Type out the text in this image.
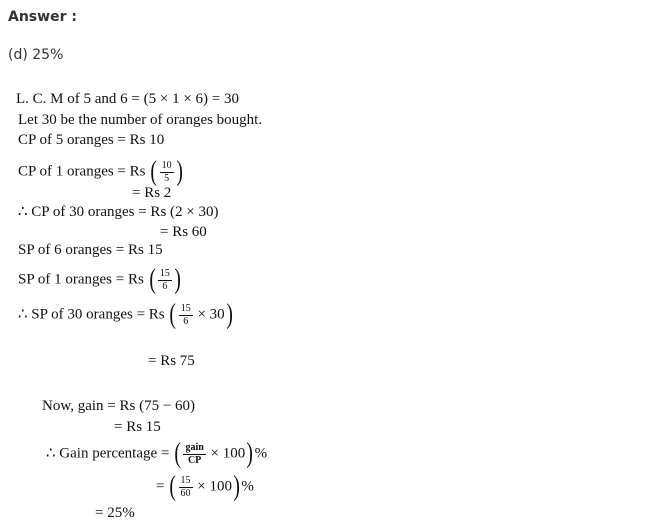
Answer :
(d) 25%
L. C. M of 5 and 6 = (5 × 1 × 6) = 30
Let 30 be the number of oranges bought.
CP of 5 oranges = Rs 10
CP of 1 oranges = Rs ( $\frac{10}{5}$ )
= Rs 2
∴ CP of 30 oranges = Rs (2 × 30)
= Rs 60
SP of 6 oranges = Rs 15
SP of 1 oranges = Rs ( $\frac{15}{6}$ )
∴ SP of 30 oranges = Rs ( $\frac{15}{6} \times 30$)
= Rs 75
Now, gain = Rs (75 − 60)
= Rs 15
∴ Gain percentage = ( $\frac{\text{gain}}{CP} \times 100)\%$
= ( $\frac{15}{60} \times 100)\%$
= 25%
